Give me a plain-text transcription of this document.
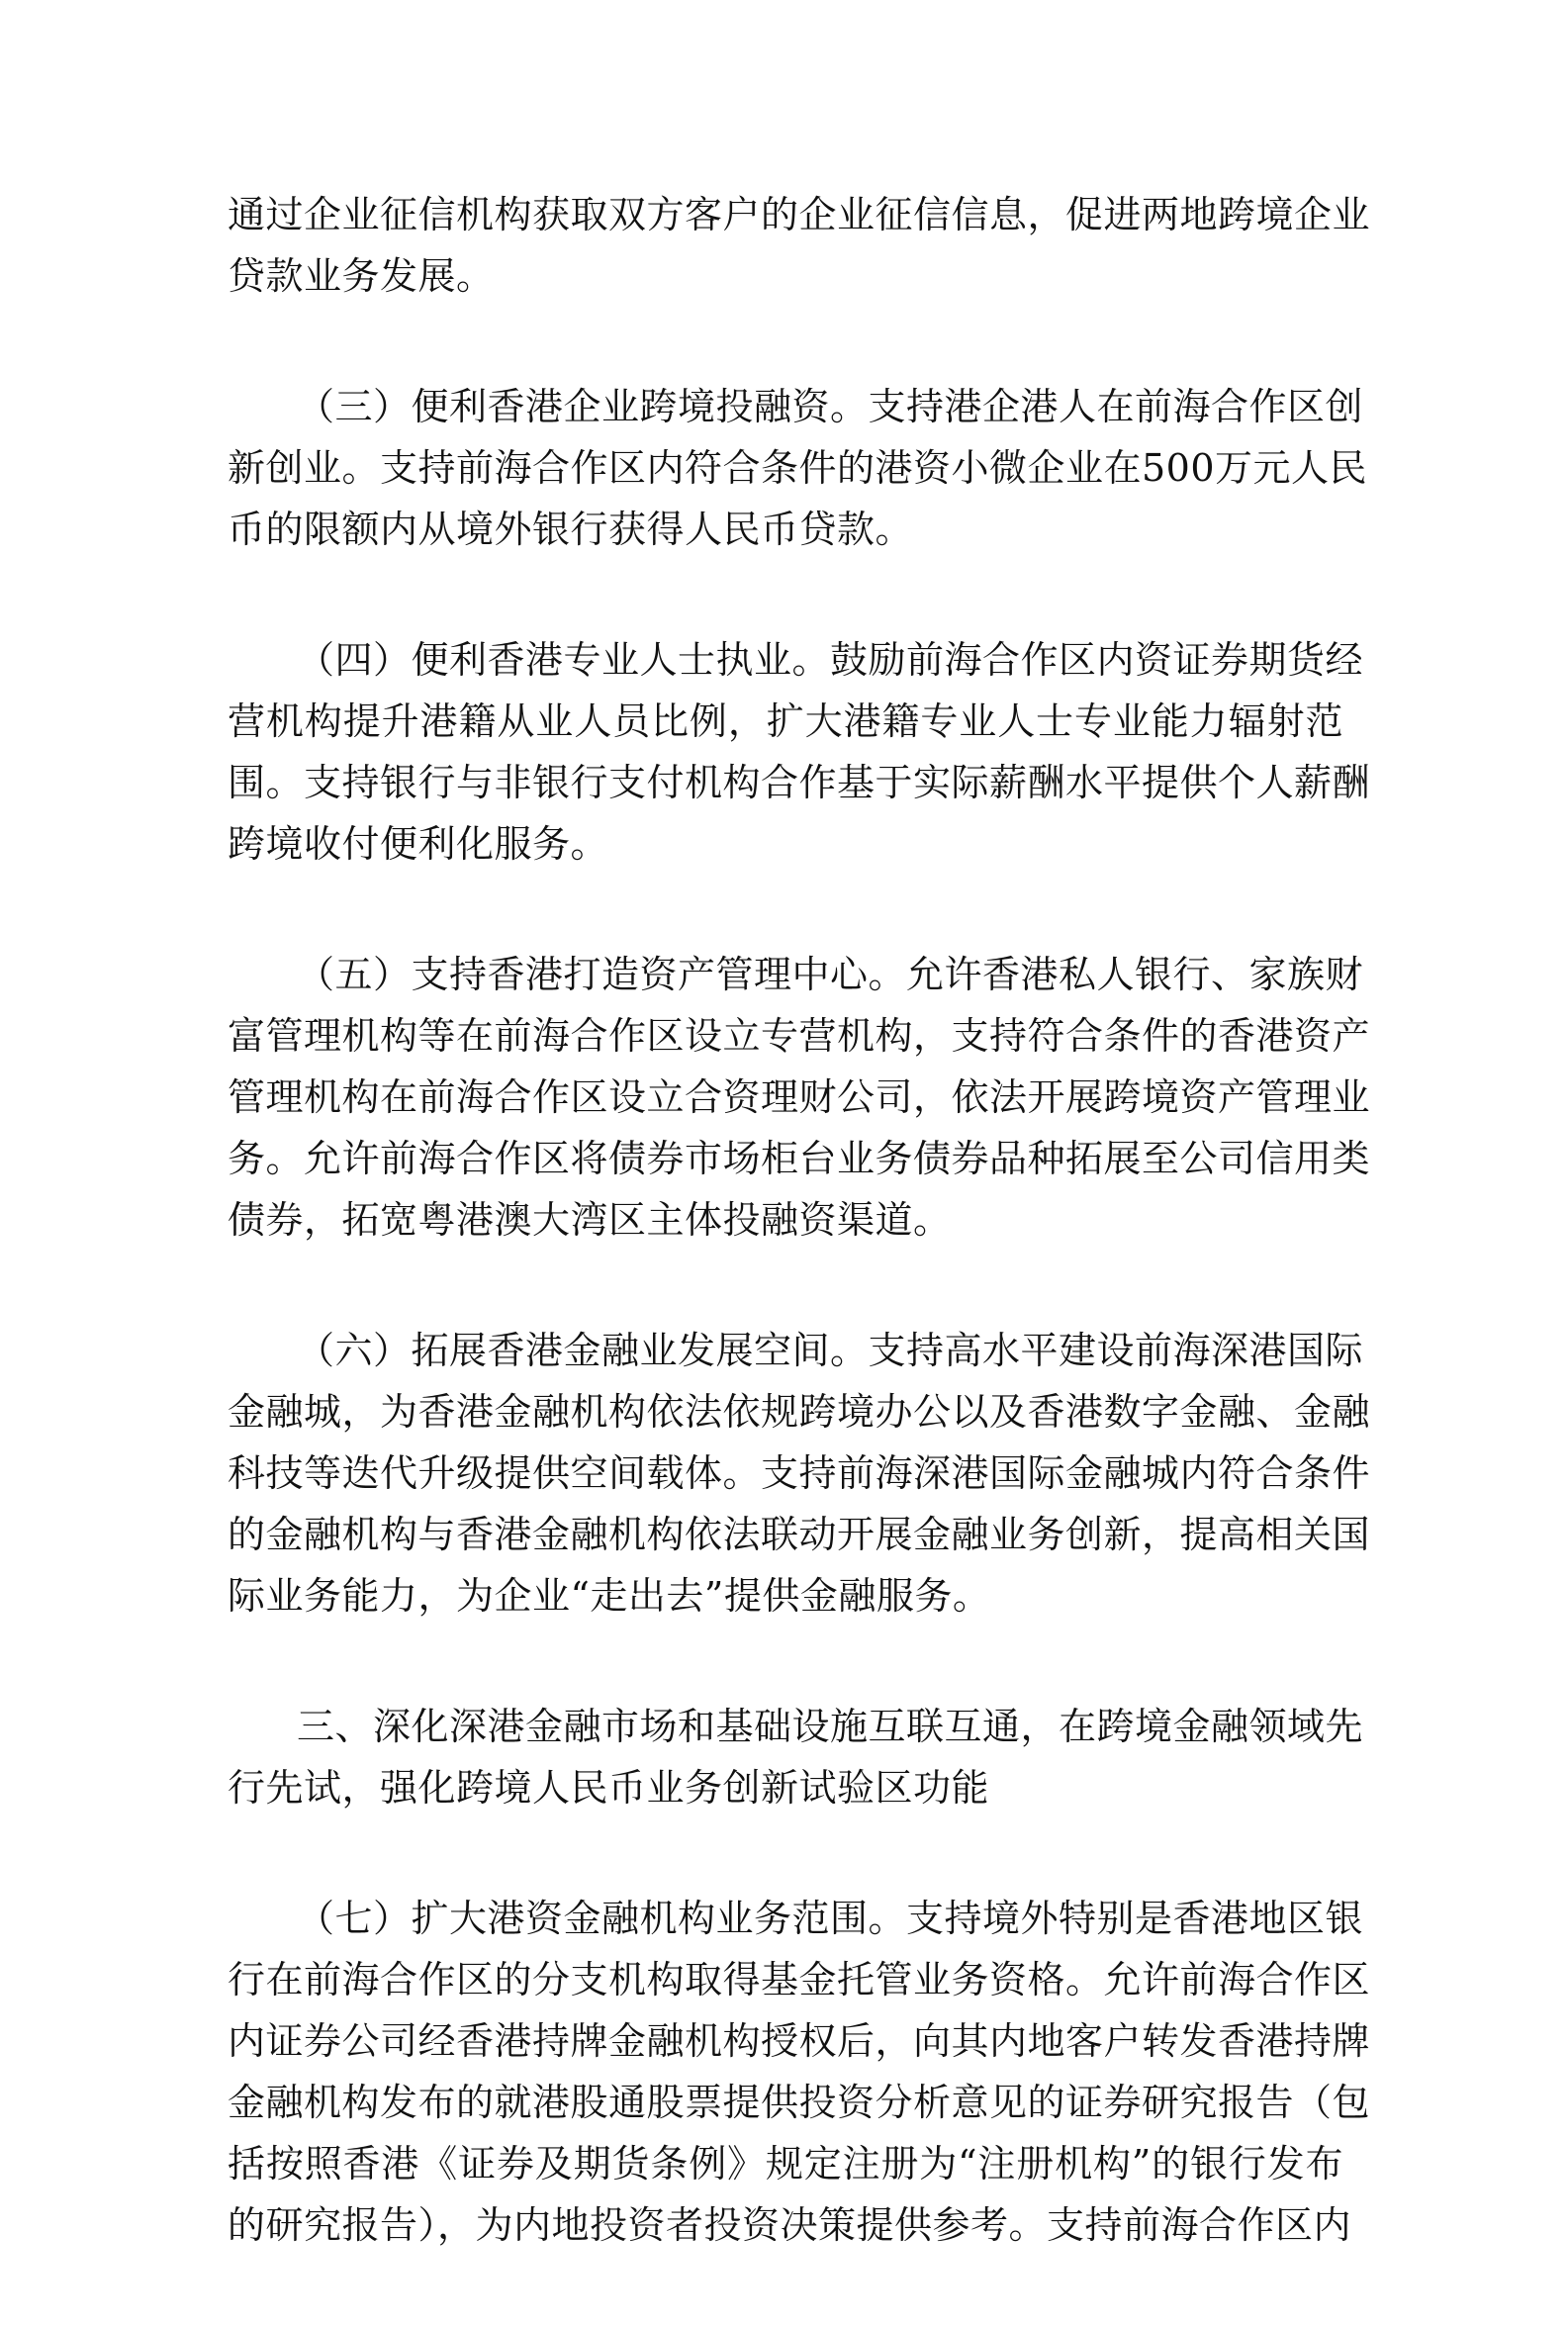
通过企业征信机构获取双方客户的企业征信信息，促进两地跨境企业
贷款业务发展。
（三）便利香港企业跨境投融资。支持港企港人在前海合作区创
新创业。支持前海合作区内符合条件的港资小微企业在500万元人民
币的限额内从境外银行获得人民币贷款。
（四）便利香港专业人士执业。鼓励前海合作区内资证券期货经
营机构提升港籍从业人员比例，扩大港籍专业人士专业能力辐射范
围。支持银行与非银行支付机构合作基于实际薪酬水平提供个人薪酬
跨境收付便利化服务。
（五）支持香港打造资产管理中心。允许香港私人银行、家族财
富管理机构等在前海合作区设立专营机构，支持符合条件的香港资产
管理机构在前海合作区设立合资理财公司，依法开展跨境资产管理业
务。允许前海合作区将债券市场柜台业务债券品种拓展至公司信用类
债券，拓宽粤港澳大湾区主体投融资渠道。
（六）拓展香港金融业发展空间。支持高水平建设前海深港国际
金融城，为香港金融机构依法依规跨境办公以及香港数字金融、金融
科技等迭代升级提供空间载体。支持前海深港国际金融城内符合条件
的金融机构与香港金融机构依法联动开展金融业务创新，提高相关国
际业务能力，为企业“走出去”提供金融服务。
三、深化深港金融市场和基础设施互联互通，在跨境金融领域先
行先试，强化跨境人民币业务创新试验区功能
（七）扩大港资金融机构业务范围。支持境外特别是香港地区银
行在前海合作区的分支机构取得基金托管业务资格。允许前海合作区
内证券公司经香港持牌金融机构授权后，向其内地客户转发香港持牌
金融机构发布的就港股通股票提供投资分析意见的证券研究报告（包
括按照香港《证券及期货条例》规定注册为“注册机构”的银行发布
的研究报告），为内地投资者投资决策提供参考。支持前海合作区内
